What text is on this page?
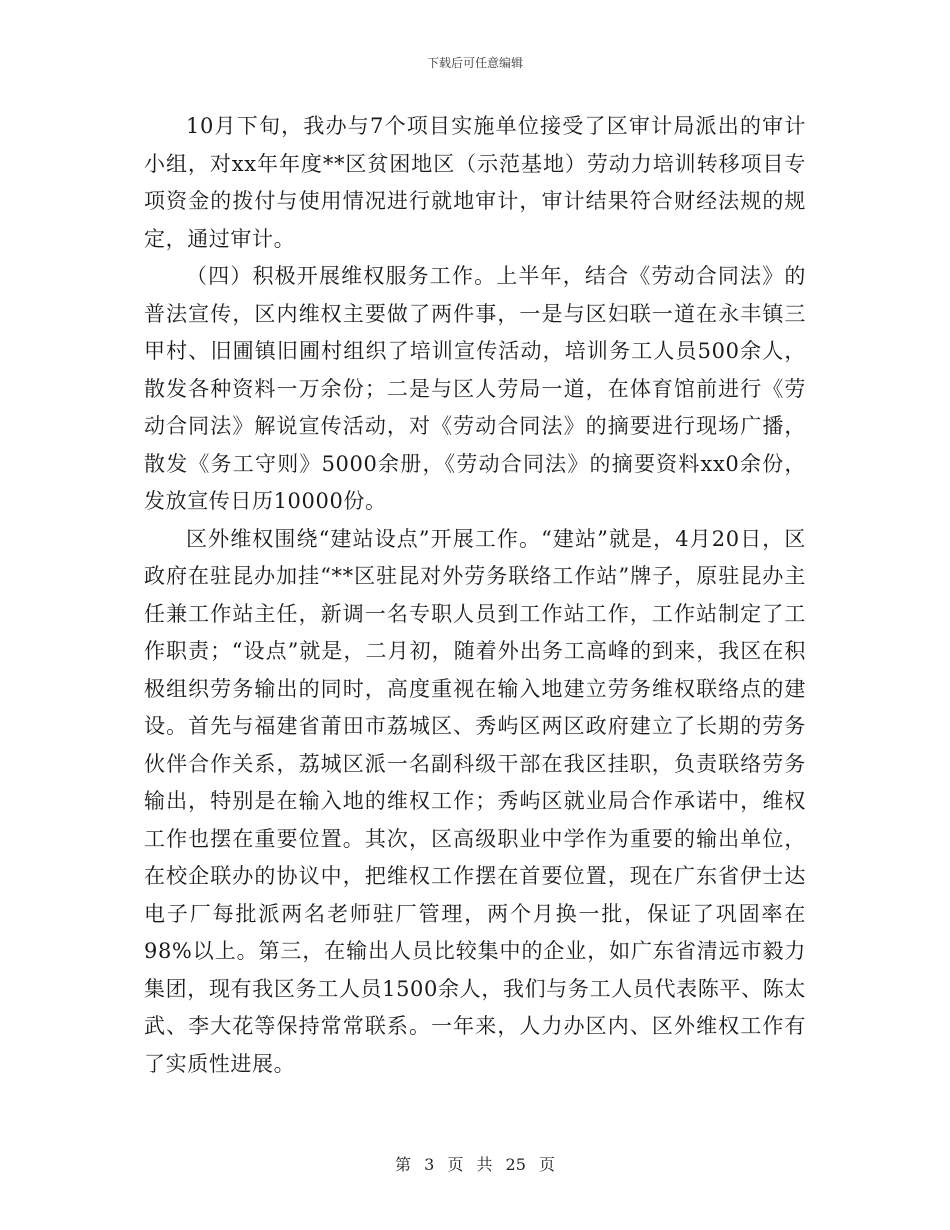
下载后可任意编辑

10月下旬，我办与7个项目实施单位接受了区审计局派出的审计小组，对xx年年度**区贫困地区（示范基地）劳动力培训转移项目专项资金的拨付与使用情况进行就地审计，审计结果符合财经法规的规定，通过审计。

（四）积极开展维权服务工作。上半年，结合《劳动合同法》的普法宣传，区内维权主要做了两件事，一是与区妇联一道在永丰镇三甲村、旧圃镇旧圃村组织了培训宣传活动，培训务工人员500余人，散发各种资料一万余份；二是与区人劳局一道，在体育馆前进行《劳动合同法》解说宣传活动，对《劳动合同法》的摘要进行现场广播，散发《务工守则》5000余册，《劳动合同法》的摘要资料xx0余份，发放宣传日历10000份。

区外维权围绕“建站设点”开展工作。“建站”就是，4月20日，区政府在驻昆办加挂“**区驻昆对外劳务联络工作站”牌子，原驻昆办主任兼工作站主任，新调一名专职人员到工作站工作，工作站制定了工作职责；“设点”就是，二月初，随着外出务工高峰的到来，我区在积极组织劳务输出的同时，高度重视在输入地建立劳务维权联络点的建设。首先与福建省莆田市荔城区、秀屿区两区政府建立了长期的劳务伙伴合作关系，荔城区派一名副科级干部在我区挂职，负责联络劳务输出，特别是在输入地的维权工作；秀屿区就业局合作承诺中，维权工作也摆在重要位置。其次，区高级职业中学作为重要的输出单位，在校企联办的协议中，把维权工作摆在首要位置，现在广东省伊士达电子厂每批派两名老师驻厂管理，两个月换一批，保证了巩固率在98%以上。第三，在输出人员比较集中的企业，如广东省清远市毅力集团，现有我区务工人员1500余人，我们与务工人员代表陈平、陈太武、李大花等保持常常联系。一年来，人力办区内、区外维权工作有了实质性进展。

第 3 页 共 25 页
